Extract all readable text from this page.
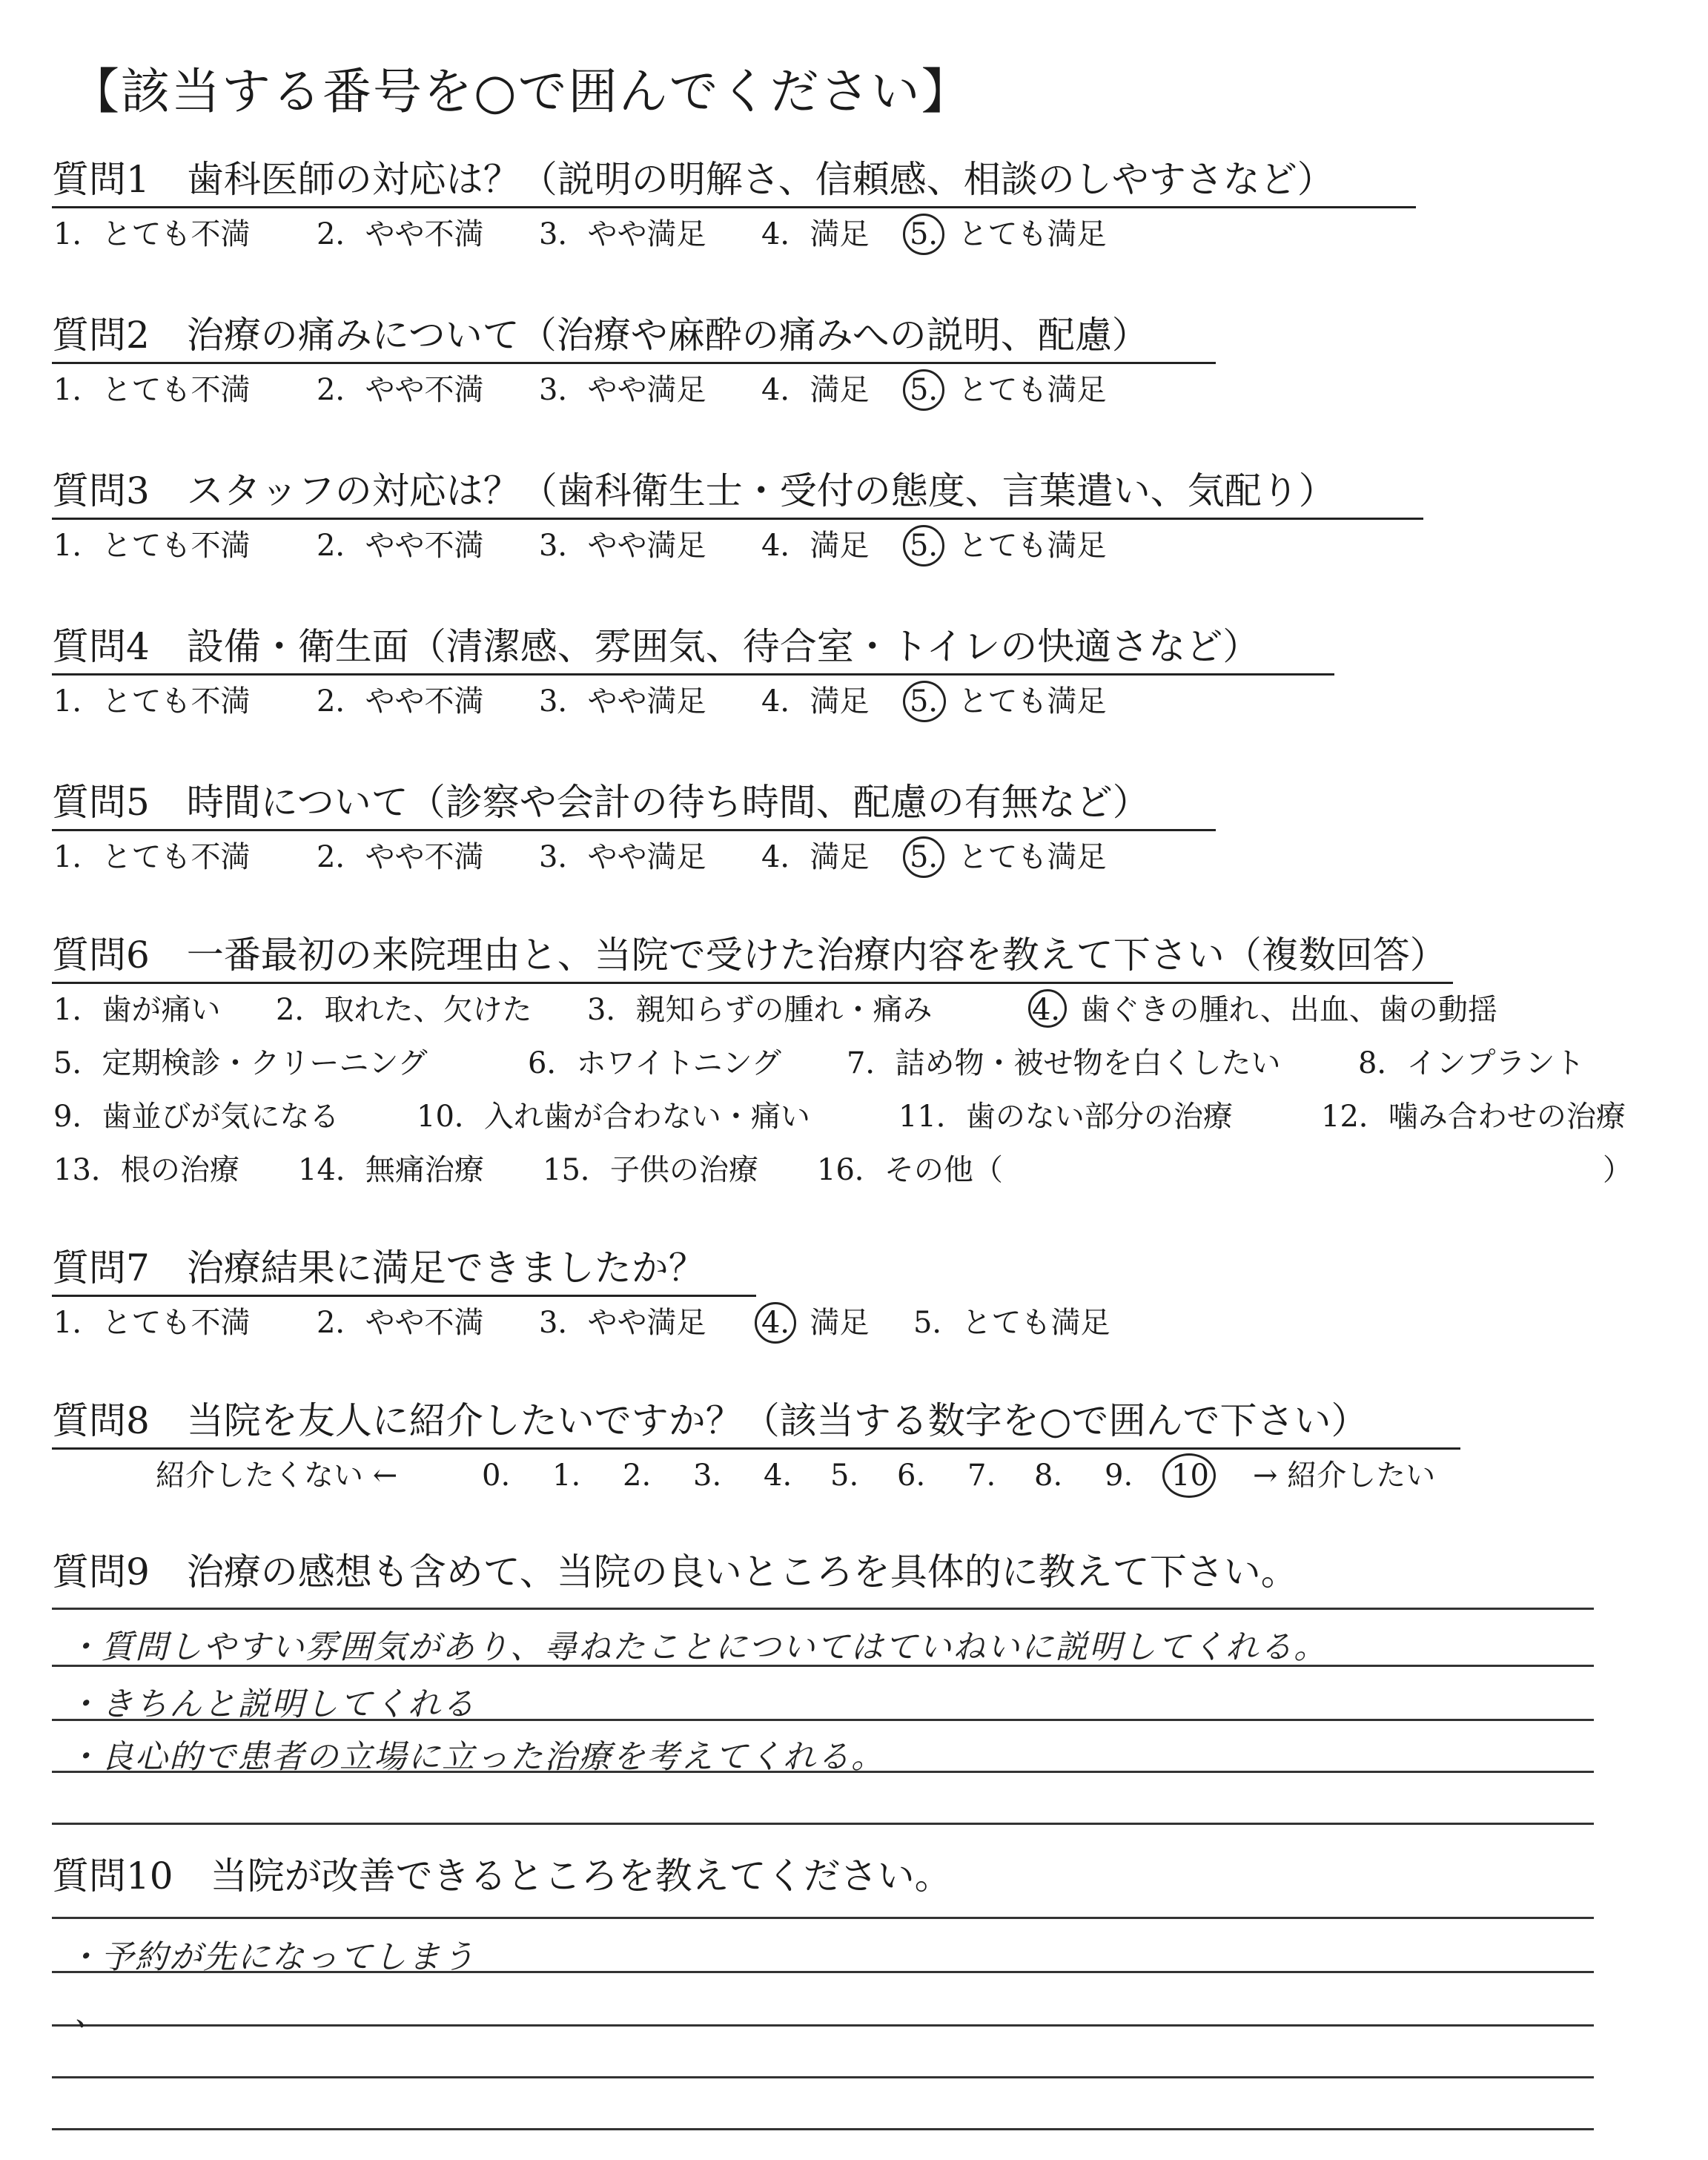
【該当する番号を○で囲んでください】
質問1　歯科医師の対応は？（説明の明解さ、信頼感、相談のしやすさなど）
1．とても不満 2．やや不満 3．やや満足 4．満足 5．とても満足
質問2　治療の痛みについて（治療や麻酔の痛みへの説明、配慮）
1．とても不満 2．やや不満 3．やや満足 4．満足 5．とても満足
質問3　スタッフの対応は？（歯科衛生士・受付の態度、言葉遣い、気配り）
1．とても不満 2．やや不満 3．やや満足 4．満足 5．とても満足
質問4　設備・衛生面（清潔感、雰囲気、待合室・トイレの快適さなど）
1．とても不満 2．やや不満 3．やや満足 4．満足 5．とても満足
質問5　時間について（診察や会計の待ち時間、配慮の有無など）
1．とても不満 2．やや不満 3．やや満足 4．満足 5．とても満足
質問6　一番最初の来院理由と、当院で受けた治療内容を教えて下さい（複数回答）
1．歯が痛い 2．取れた、欠けた 3．親知らずの腫れ・痛み	4．歯ぐきの腫れ、出血、歯の動揺
5．定期検診・クリーニング	6．ホワイトニング 7．詰め物・被せ物を白くしたい	8．インプラント
9．歯並びが気になる	10．入れ歯が合わない・痛い	11．歯のない部分の治療	12．噛み合わせの治療
13．根の治療 14．無痛治療 15．子供の治療 16．その他（	）
質問7　治療結果に満足できましたか？
1．とても不満 2．やや不満 3．やや満足 4．満足 5．とても満足
質問8　当院を友人に紹介したいですか？（該当する数字を○で囲んで下さい）
紹介したくない ←	0. 1. 2. 3. 4. 5. 6. 7. 8. 9. 10 → 紹介したい
質問9　治療の感想も含めて、当院の良いところを具体的に教えて下さい。
・質問しやすい雰囲気があり、尋ねたことについてはていねいに説明してくれる。
・きちんと説明してくれる
・良心的で患者の立場に立った治療を考えてくれる。
質問10　当院が改善できるところを教えてください。
・予約が先になってしまう
、
